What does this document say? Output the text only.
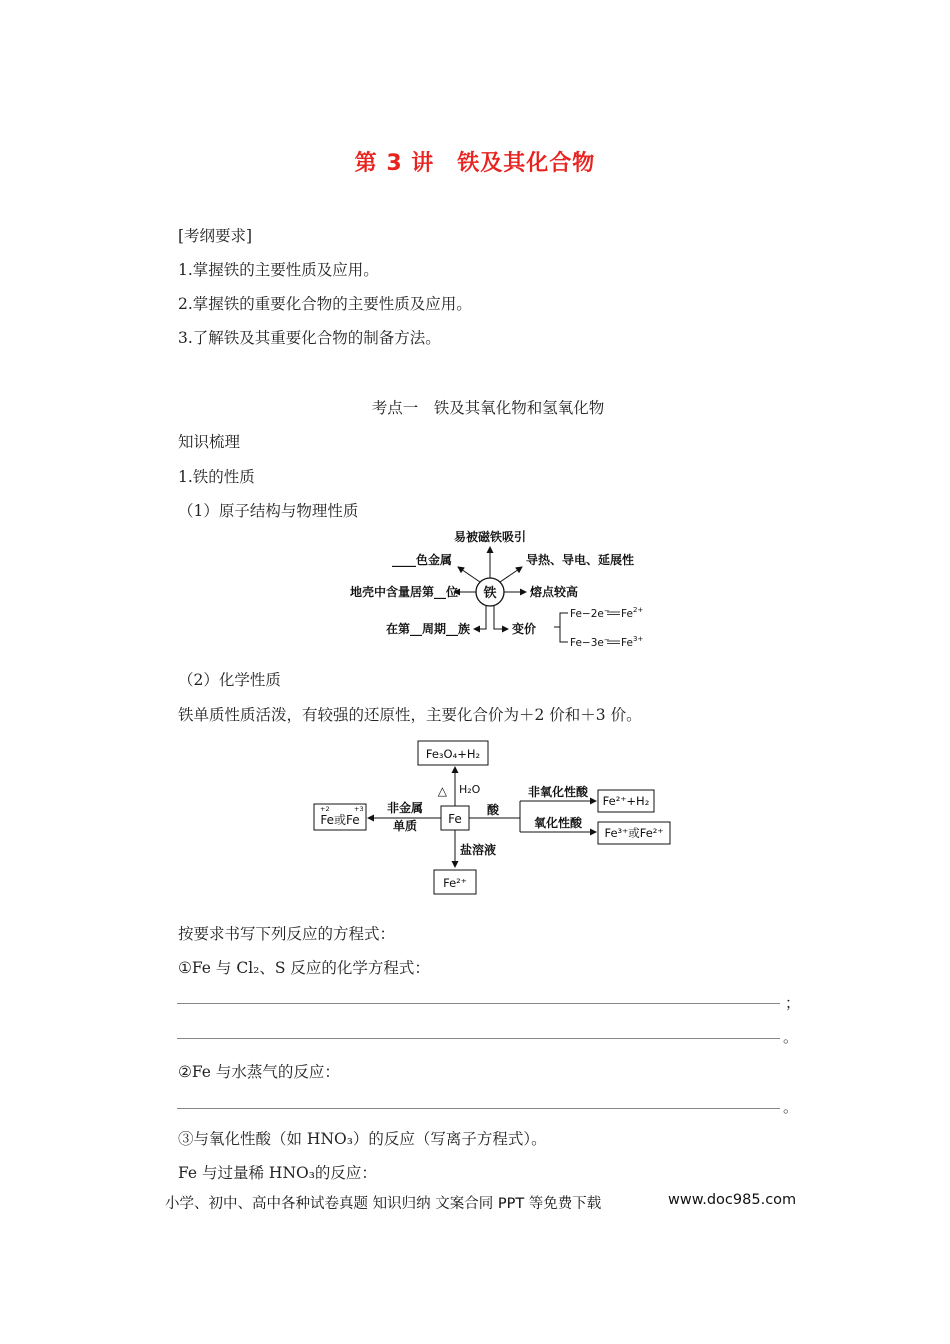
第 3 讲　铁及其化合物
[考纲要求]
1.掌握铁的主要性质及应用。
2.掌握铁的重要化合物的主要性质及应用。
3.了解铁及其重要化合物的制备方法。
考点一　铁及其氧化物和氢氧化物
知识梳理
1.铁的性质
（1）原子结构与物理性质
铁
易被磁铁吸引
____色金属
地壳中含量居第__位
导热、导电、延展性
熔点较高
在第__周期__族	变价
Fe−2e− $Fe^{2+}$
Fe−3e− $Fe^{3+}$
（2）化学性质
铁单质性质活泼，有较强的还原性，主要化合价为＋2 价和＋3 价。
Fe
Fe₃O₄+H₂
△ H₂O
+2	+3
Fe或Fe
非金属
单质
酸
非氧化性酸
氧化性酸
Fe²⁺+H₂
Fe³⁺或Fe²⁺
盐溶液
Fe²⁺
按要求书写下列反应的方程式：
①Fe 与 Cl₂、S 反应的化学方程式：
；
。
②Fe 与水蒸气的反应：
。
③与氧化性酸（如 HNO₃）的反应（写离子方程式）。
Fe 与过量稀 HNO₃的反应：
小学、初中、高中各种试卷真题 知识归纳 文案合同 PPT 等免费下载	www.doc985.com
